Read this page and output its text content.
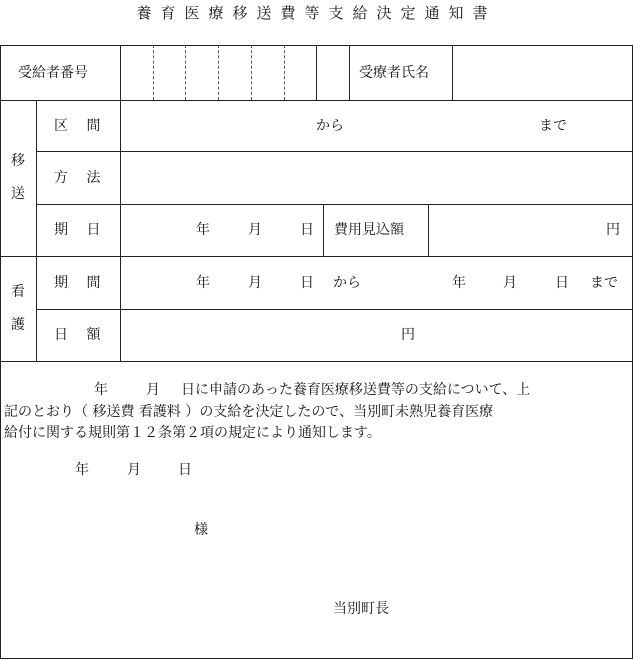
養育医療移送費等支給決定通知書
受給者番号	受療者氏名
移
送
区 間	から	まで
方 法
期 日	年	月	日 費用見込額	円
看
護
期 間	年	月	日 から	年	月	日 まで
日 額	円
年	月 日に申請のあった養育医療移送費等の支給について、上
記のとおり（ 移送費 看護料 ）の支給を決定したので、当別町未熟児養育医療
給付に関する規則第１２条第２項の規定により通知します。
年	月	日
様
当別町長
